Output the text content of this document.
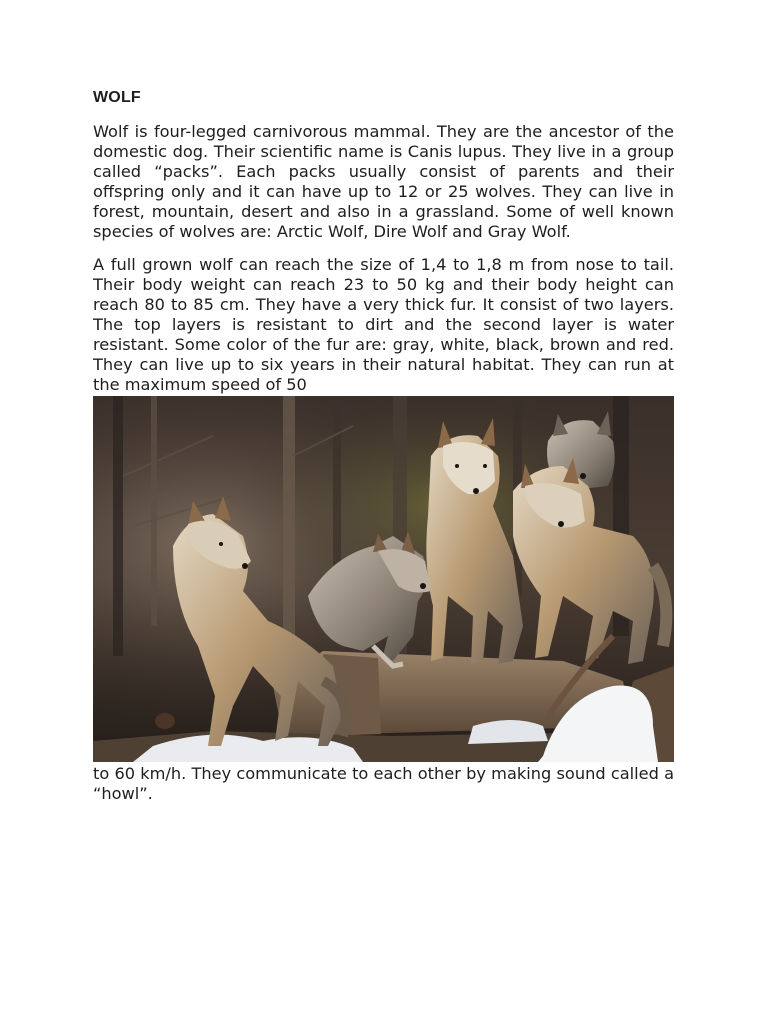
WOLF

Wolf is four-legged carnivorous mammal. They are the ancestor of the domestic dog. Their scientific name is Canis lupus. They live in a group called “packs”. Each packs usually consist of parents and their offspring only and it can have up to 12 or 25 wolves. They can live in forest, mountain, desert and also in a grassland. Some of well known species of wolves are: Arctic Wolf, Dire Wolf and Gray Wolf.

A full grown wolf can reach the size of 1,4 to 1,8 m from nose to tail. Their body weight can reach 23 to 50 kg and their body height can reach 80 to 85 cm. They have a very thick fur. It consist of two layers. The top layers is resistant to dirt and the second layer is water resistant. Some color of the fur are: gray, white, black, brown and red. They can live up to six years in their natural habitat. They can run at the maximum speed of 50

to 60 km/h. They communicate to each other by making sound called a “howl”.
